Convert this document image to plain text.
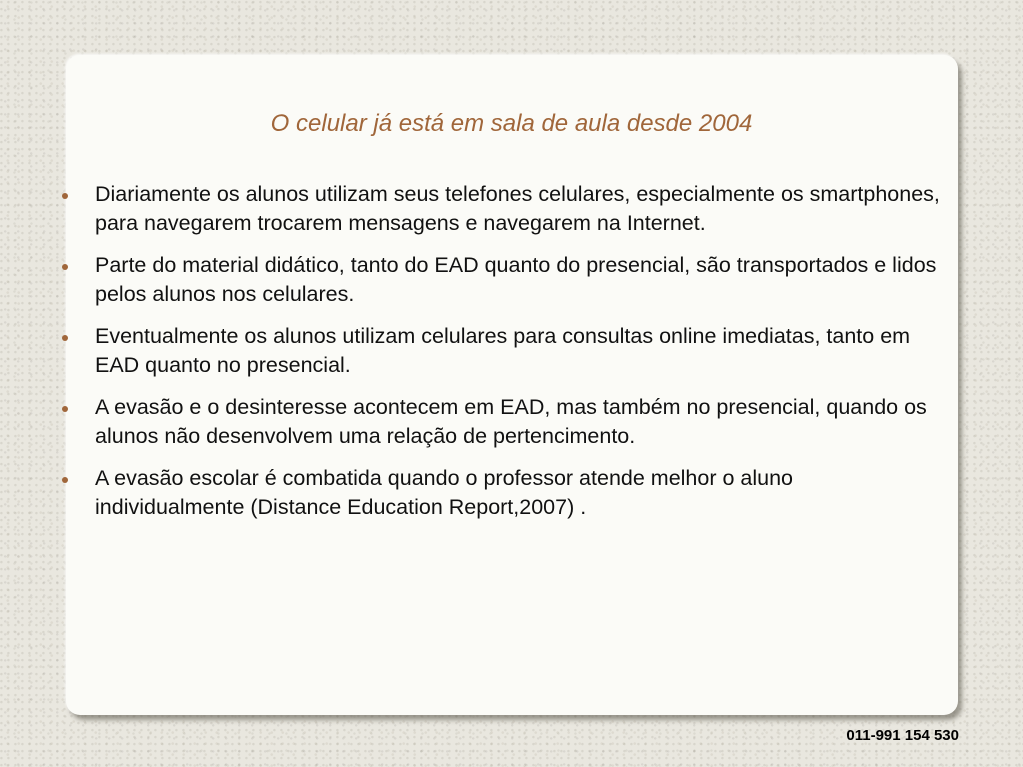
O celular já está em sala de aula desde 2004
Diariamente os alunos utilizam seus telefones celulares, especialmente os smartphones, para navegarem trocarem mensagens e navegarem na Internet.
Parte do material didático, tanto do EAD quanto do presencial, são transportados e lidos pelos alunos nos celulares.
Eventualmente os alunos utilizam celulares para consultas online imediatas, tanto em EAD quanto no presencial.
A evasão e o desinteresse acontecem em EAD, mas também no presencial, quando os alunos não desenvolvem uma relação de pertencimento.
A evasão escolar é combatida quando o professor atende melhor o aluno individualmente (Distance Education Report,2007) .
011-991 154 530
